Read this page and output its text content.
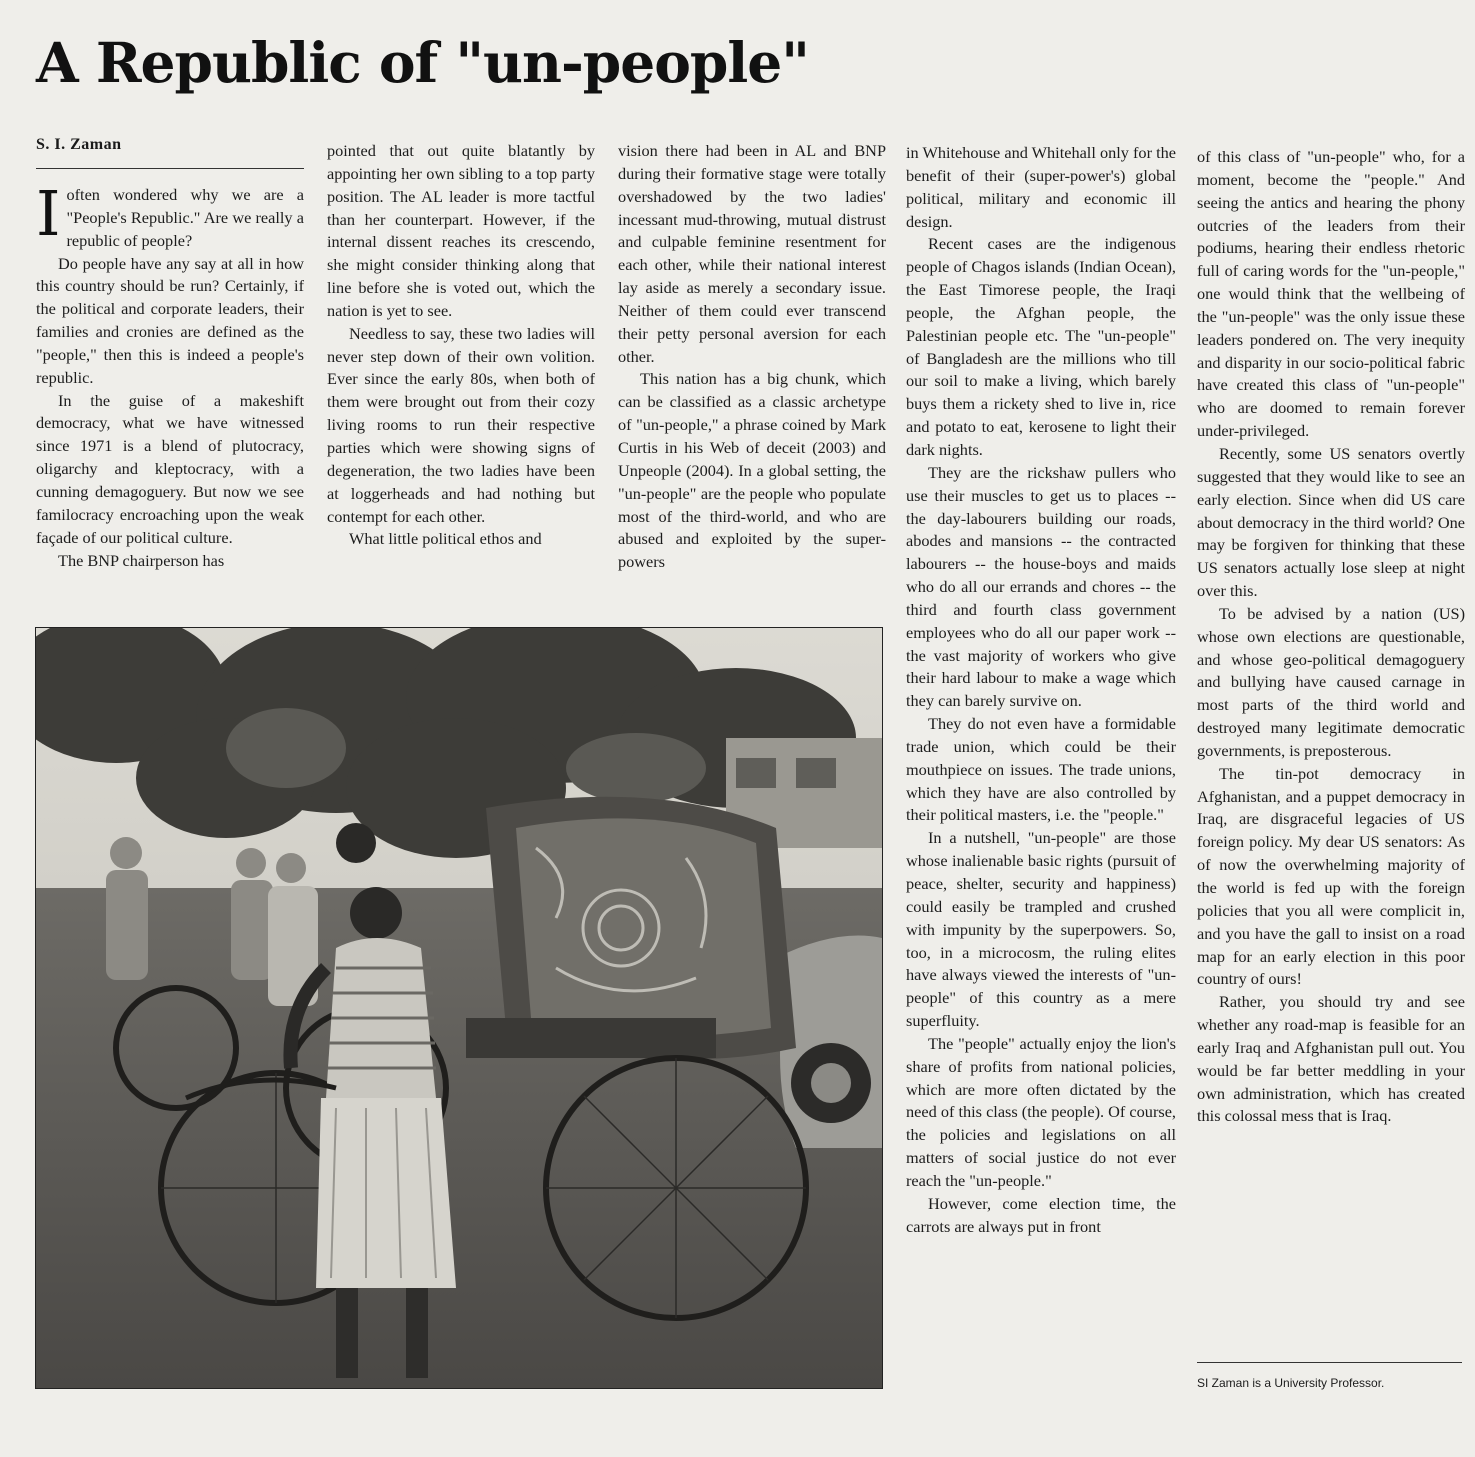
A Republic of "un-people"
S. I. Zaman

Ioften wondered why we are a "People's Republic." Are we really a republic of people?

Do people have any say at all in how this country should be run? Certainly, if the political and corporate leaders, their families and cronies are defined as the "people," then this is indeed a people's republic.

In the guise of a makeshift democracy, what we have witnessed since 1971 is a blend of plutocracy, oligarchy and kleptocracy, with a cunning demagoguery. But now we see familocracy encroaching upon the weak façade of our political culture.

The BNP chairperson has

pointed that out quite blatantly by appointing her own sibling to a top party position. The AL leader is more tactful than her counterpart. However, if the internal dissent reaches its crescendo, she might consider thinking along that line before she is voted out, which the nation is yet to see.

Needless to say, these two ladies will never step down of their own volition. Ever since the early 80s, when both of them were brought out from their cozy living rooms to run their respective parties which were showing signs of degeneration, the two ladies have been at loggerheads and had nothing but contempt for each other.

What little political ethos and

vision there had been in AL and BNP during their formative stage were totally overshadowed by the two ladies' incessant mud-throwing, mutual distrust and culpable feminine resentment for each other, while their national interest lay aside as merely a secondary issue. Neither of them could ever transcend their petty personal aversion for each other.

This nation has a big chunk, which can be classified as a classic archetype of "un-people," a phrase coined by Mark Curtis in his Web of deceit (2003) and Unpeople (2004). In a global setting, the "un-people" are the people who populate most of the third-world, and who are abused and exploited by the super-powers

in Whitehouse and Whitehall only for the benefit of their (super-power's) global political, military and economic ill design.

Recent cases are the indigenous people of Chagos islands (Indian Ocean), the East Timorese people, the Iraqi people, the Afghan people, the Palestinian people etc. The "un-people" of Bangladesh are the millions who till our soil to make a living, which barely buys them a rickety shed to live in, rice and potato to eat, kerosene to light their dark nights.

They are the rickshaw pullers who use their muscles to get us to places -- the day-labourers building our roads, abodes and mansions -- the contracted labourers -- the house-boys and maids who do all our errands and chores -- the third and fourth class government employees who do all our paper work -- the vast majority of workers who give their hard labour to make a wage which they can barely survive on.

They do not even have a formidable trade union, which could be their mouthpiece on issues. The trade unions, which they have are also controlled by their political masters, i.e. the "people."

In a nutshell, "un-people" are those whose inalienable basic rights (pursuit of peace, shelter, security and happiness) could easily be trampled and crushed with impunity by the superpowers. So, too, in a microcosm, the ruling elites have always viewed the interests of "un-people" of this country as a mere superfluity.

The "people" actually enjoy the lion's share of profits from national policies, which are more often dictated by the need of this class (the people). Of course, the policies and legislations on all matters of social justice do not ever reach the "un-people."

However, come election time, the carrots are always put in front

of this class of "un-people" who, for a moment, become the "people." And seeing the antics and hearing the phony outcries of the leaders from their podiums, hearing their endless rhetoric full of caring words for the "un-people," one would think that the wellbeing of the "un-people" was the only issue these leaders pondered on. The very inequity and disparity in our socio-political fabric have created this class of "un-people" who are doomed to remain forever under-privileged.

Recently, some US senators overtly suggested that they would like to see an early election. Since when did US care about democracy in the third world? One may be forgiven for thinking that these US senators actually lose sleep at night over this.

To be advised by a nation (US) whose own elections are questionable, and whose geo-political demagoguery and bullying have caused carnage in most parts of the third world and destroyed many legitimate democratic governments, is preposterous.

The tin-pot democracy in Afghanistan, and a puppet democracy in Iraq, are disgraceful legacies of US foreign policy. My dear US senators: As of now the overwhelming majority of the world is fed up with the foreign policies that you all were complicit in, and you have the gall to insist on a road map for an early election in this poor country of ours!

Rather, you should try and see whether any road-map is feasible for an early Iraq and Afghanistan pull out. You would be far better meddling in your own administration, which has created this colossal mess that is Iraq.

SI Zaman is a University Professor.
